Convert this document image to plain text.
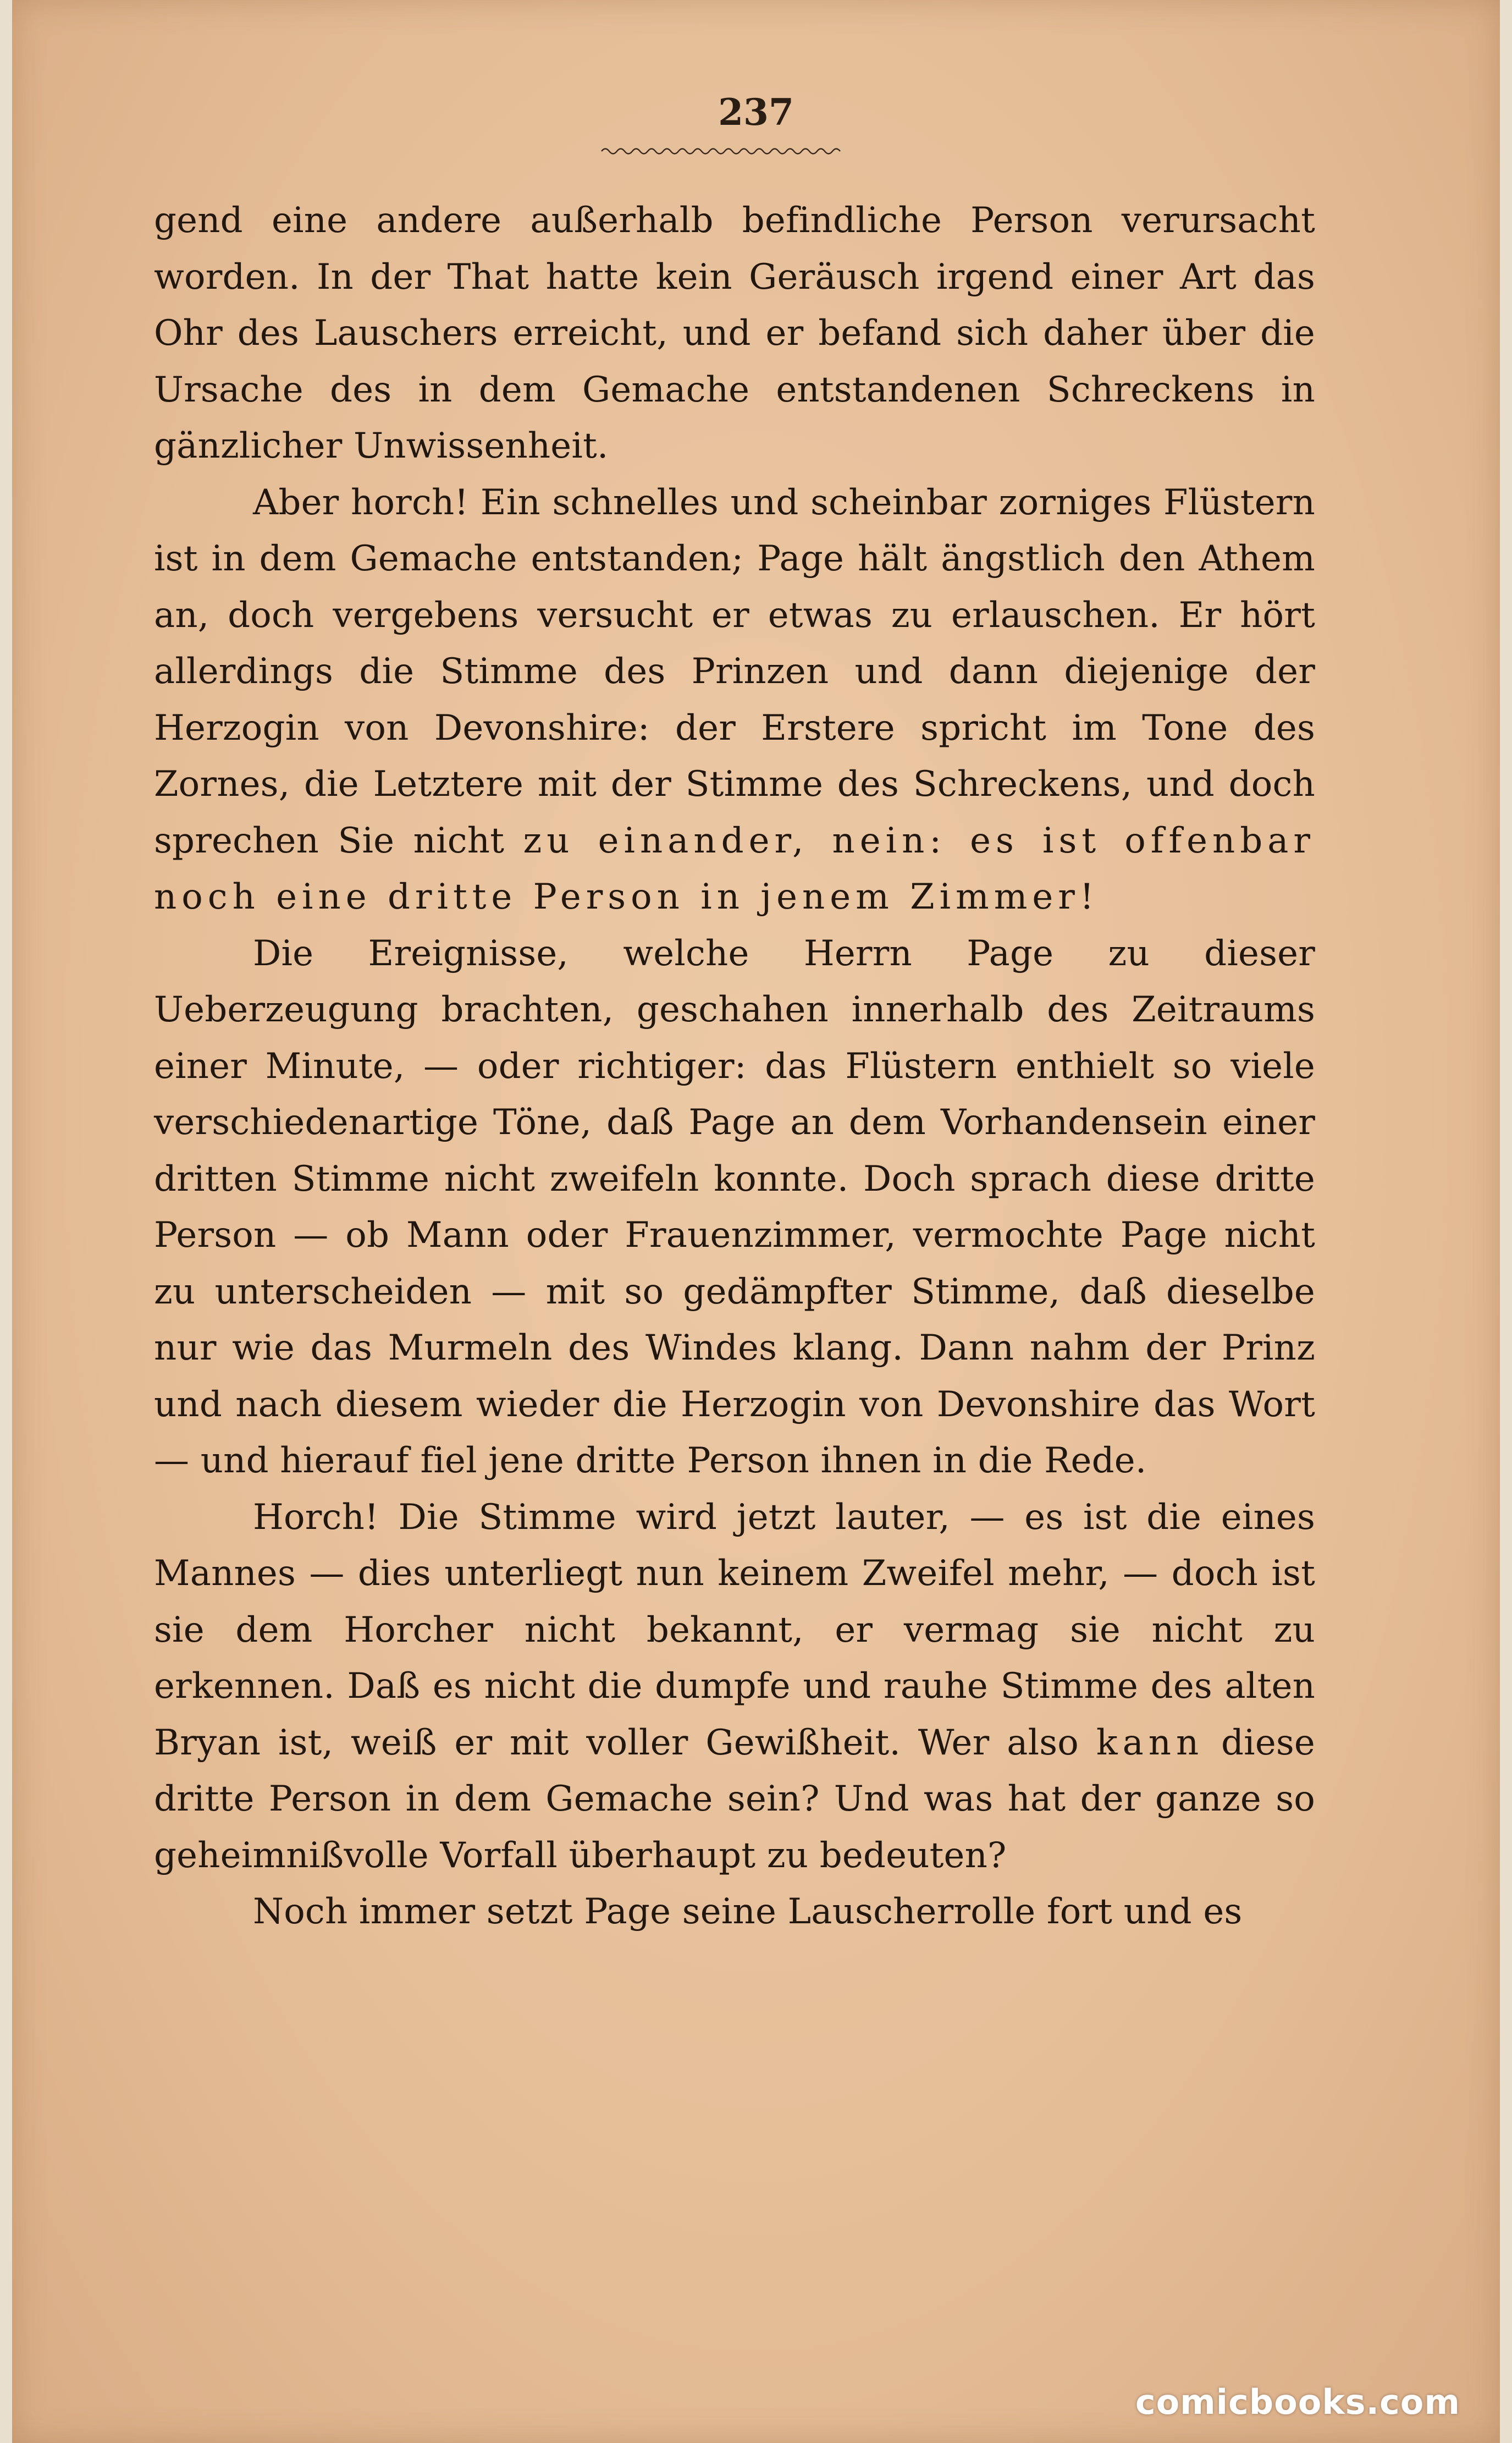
237

gend eine andere außerhalb befindliche Person verursacht worden. In der That hatte kein Geräusch irgend einer Art das Ohr des Lauschers erreicht, und er befand sich daher über die Ursache des in dem Gemache entstandenen Schreckens in gänzlicher Unwissenheit.

Aber horch! Ein schnelles und scheinbar zorniges Flüstern ist in dem Gemache entstanden; Page hält ängstlich den Athem an, doch vergebens versucht er etwas zu erlauschen. Er hört allerdings die Stimme des Prinzen und dann diejenige der Herzogin von Devonshire: der Erstere spricht im Tone des Zornes, die Letztere mit der Stimme des Schreckens, und doch sprechen Sie nicht zu einander, nein: es ist offenbar noch eine dritte Person in jenem Zimmer!

Die Ereignisse, welche Herrn Page zu dieser Ueberzeugung brachten, geschahen innerhalb des Zeitraums einer Minute, — oder richtiger: das Flüstern enthielt so viele verschiedenartige Töne, daß Page an dem Vorhandensein einer dritten Stimme nicht zweifeln konnte. Doch sprach diese dritte Person — ob Mann oder Frauenzimmer, vermochte Page nicht zu unterscheiden — mit so gedämpfter Stimme, daß dieselbe nur wie das Murmeln des Windes klang. Dann nahm der Prinz und nach diesem wieder die Herzogin von Devonshire das Wort — und hierauf fiel jene dritte Person ihnen in die Rede.

Horch! Die Stimme wird jetzt lauter, — es ist die eines Mannes — dies unterliegt nun keinem Zweifel mehr, — doch ist sie dem Horcher nicht bekannt, er vermag sie nicht zu erkennen. Daß es nicht die dumpfe und rauhe Stimme des alten Bryan ist, weiß er mit voller Gewißheit. Wer also kann diese dritte Person in dem Gemache sein? Und was hat der ganze so geheimnißvolle Vorfall überhaupt zu bedeuten?

Noch immer setzt Page seine Lauscherrolle fort und es

comicbooks.com
